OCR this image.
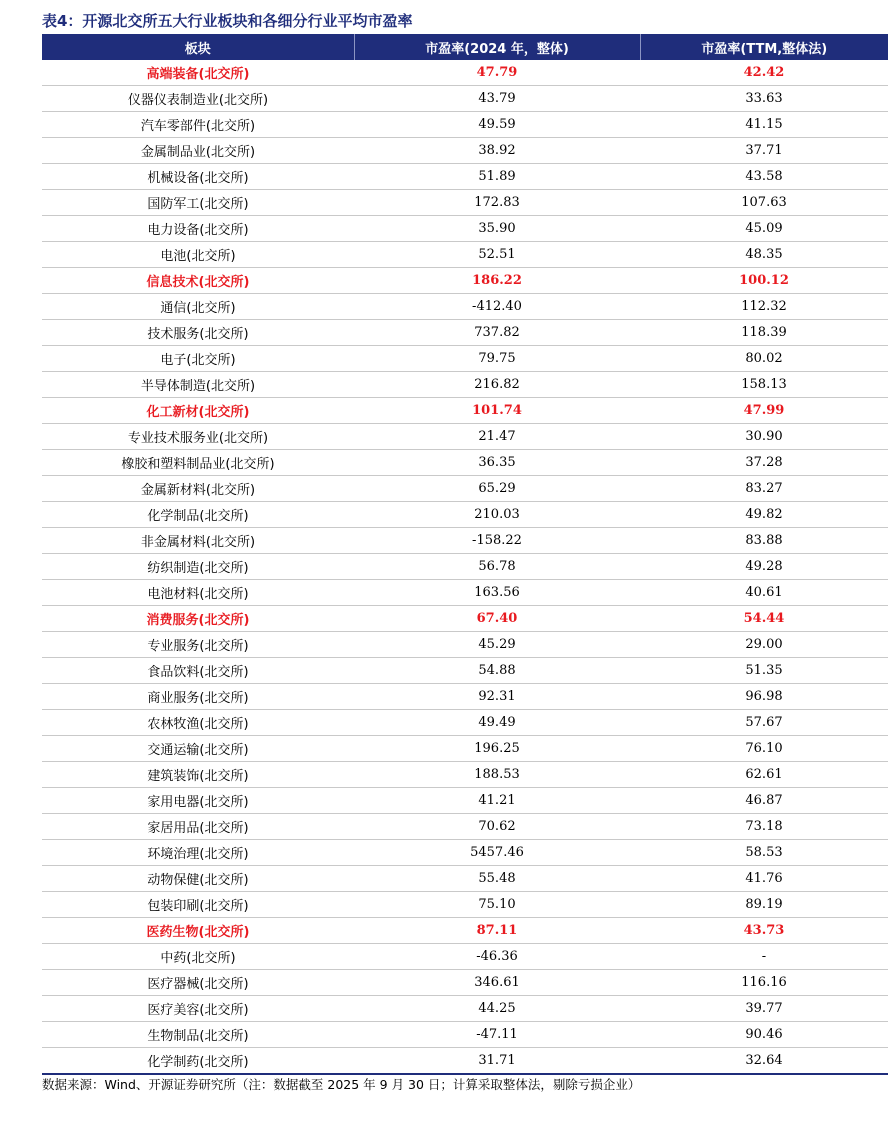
表4：开源北交所五大行业板块和各细分行业平均市盈率
板块	市盈率(2024 年，整体)	市盈率(TTM,整体法)
高端装备(北交所)	47.79	42.42
仪器仪表制造业(北交所)	43.79	33.63
汽车零部件(北交所)	49.59	41.15
金属制品业(北交所)	38.92	37.71
机械设备(北交所)	51.89	43.58
国防军工(北交所)	172.83	107.63
电力设备(北交所)	35.90	45.09
电池(北交所)	52.51	48.35
信息技术(北交所)	186.22	100.12
通信(北交所)	-412.40	112.32
技术服务(北交所)	737.82	118.39
电子(北交所)	79.75	80.02
半导体制造(北交所)	216.82	158.13
化工新材(北交所)	101.74	47.99
专业技术服务业(北交所)	21.47	30.90
橡胶和塑料制品业(北交所)	36.35	37.28
金属新材料(北交所)	65.29	83.27
化学制品(北交所)	210.03	49.82
非金属材料(北交所)	-158.22	83.88
纺织制造(北交所)	56.78	49.28
电池材料(北交所)	163.56	40.61
消费服务(北交所)	67.40	54.44
专业服务(北交所)	45.29	29.00
食品饮料(北交所)	54.88	51.35
商业服务(北交所)	92.31	96.98
农林牧渔(北交所)	49.49	57.67
交通运输(北交所)	196.25	76.10
建筑装饰(北交所)	188.53	62.61
家用电器(北交所)	41.21	46.87
家居用品(北交所)	70.62	73.18
环境治理(北交所)	5457.46	58.53
动物保健(北交所)	55.48	41.76
包装印刷(北交所)	75.10	89.19
医药生物(北交所)	87.11	43.73
中药(北交所)	-46.36	-
医疗器械(北交所)	346.61	116.16
医疗美容(北交所)	44.25	39.77
生物制品(北交所)	-47.11	90.46
化学制药(北交所)	31.71	32.64
数据来源：Wind、开源证券研究所（注：数据截至 2025 年 9 月 30 日；计算采取整体法，剔除亏损企业）
